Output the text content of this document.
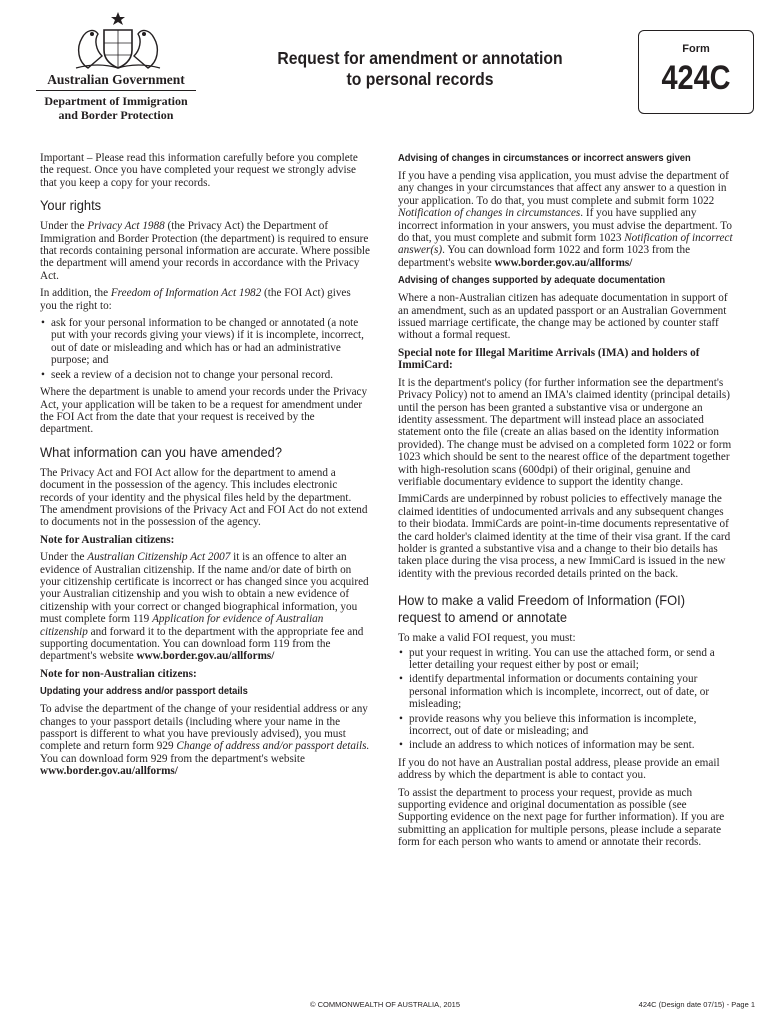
Australian Government
Department of Immigration and Border Protection
Request for amendment or annotation
to personal records
Form
424C

Important – Please read this information carefully before you complete the request. Once you have completed your request we strongly advise that you keep a copy for your records.

Your rights

Under the Privacy Act 1988 (the Privacy Act) the Department of Immigration and Border Protection (the department) is required to ensure that records containing personal information are accurate. Where possible the department will amend your records in accordance with the Privacy Act.

In addition, the Freedom of Information Act 1982 (the FOI Act) gives you the right to:

• ask for your personal information to be changed or annotated (a note put with your records giving your views) if it is incomplete, incorrect, out of date or misleading and which has or had an administrative purpose; and
• seek a review of a decision not to change your personal record.

Where the department is unable to amend your records under the Privacy Act, your application will be taken to be a request for amendment under the FOI Act from the date that your request is received by the department.

What information can you have amended?

The Privacy Act and FOI Act allow for the department to amend a document in the possession of the agency. This includes electronic records of your identity and the physical files held by the department. The amendment provisions of the Privacy Act and FOI Act do not extend to documents not in the possession of the agency.

Note for Australian citizens:

Under the Australian Citizenship Act 2007 it is an offence to alter an evidence of Australian citizenship. If the name and/or date of birth on your citizenship certificate is incorrect or has changed since you acquired your Australian citizenship and you wish to obtain a new evidence of citizenship with your correct or changed biographical information, you must complete form 119 Application for evidence of Australian citizenship and forward it to the department with the appropriate fee and supporting documentation. You can download form 119 from the department's website www.border.gov.au/allforms/

Note for non-Australian citizens:
Updating your address and/or passport details

To advise the department of the change of your residential address or any changes to your passport details (including where your name in the passport is different to what you have previously advised), you must complete and return form 929 Change of address and/or passport details. You can download form 929 from the department's website
www.border.gov.au/allforms/

Advising of changes in circumstances or incorrect answers given

If you have a pending visa application, you must advise the department of any changes in your circumstances that affect any answer to a question in your application. To do that, you must complete and submit form 1022 Notification of changes in circumstances. If you have supplied any incorrect information in your answers, you must advise the department. To do that, you must complete and submit form 1023 Notification of incorrect answer(s). You can download form 1022 and form 1023 from the department's website www.border.gov.au/allforms/

Advising of changes supported by adequate documentation

Where a non-Australian citizen has adequate documentation in support of an amendment, such as an updated passport or an Australian Government issued marriage certificate, the change may be actioned by counter staff without a formal request.

Special note for Illegal Maritime Arrivals (IMA) and holders of ImmiCard:

It is the department's policy (for further information see the department's Privacy Policy) not to amend an IMA's claimed identity (principal details) until the person has been granted a substantive visa or undergone an identity assessment. The department will instead place an associated statement onto the file (create an alias based on the identity information provided). The change must be advised on a completed form 1022 or form 1023 which should be sent to the nearest office of the department together with high-resolution scans (600dpi) of their original, genuine and verifiable documentary evidence to support the identity change.

ImmiCards are underpinned by robust policies to effectively manage the claimed identities of undocumented arrivals and any subsequent changes to their biodata. ImmiCards are point-in-time documents representative of the card holder's claimed identity at the time of their visa grant. If the card holder is granted a substantive visa and a change to their bio details has taken place during the visa process, a new ImmiCard is issued in the new identity with the previous recorded details printed on the back.

How to make a valid Freedom of Information (FOI) request to amend or annotate

To make a valid FOI request, you must:

• put your request in writing. You can use the attached form, or send a letter detailing your request either by post or email;
• identify departmental information or documents containing your personal information which is incomplete, incorrect, out of date, or misleading;
• provide reasons why you believe this information is incomplete, incorrect, out of date or misleading; and
• include an address to which notices of information may be sent.

If you do not have an Australian postal address, please provide an email address by which the department is able to contact you.

To assist the department to process your request, provide as much supporting evidence and original documentation as possible (see Supporting evidence on the next page for further information). If you are submitting an application for multiple persons, please include a separate form for each person who wants to amend or annotate their records.

© COMMONWEALTH OF AUSTRALIA, 2015	424C (Design date 07/15) - Page 1
